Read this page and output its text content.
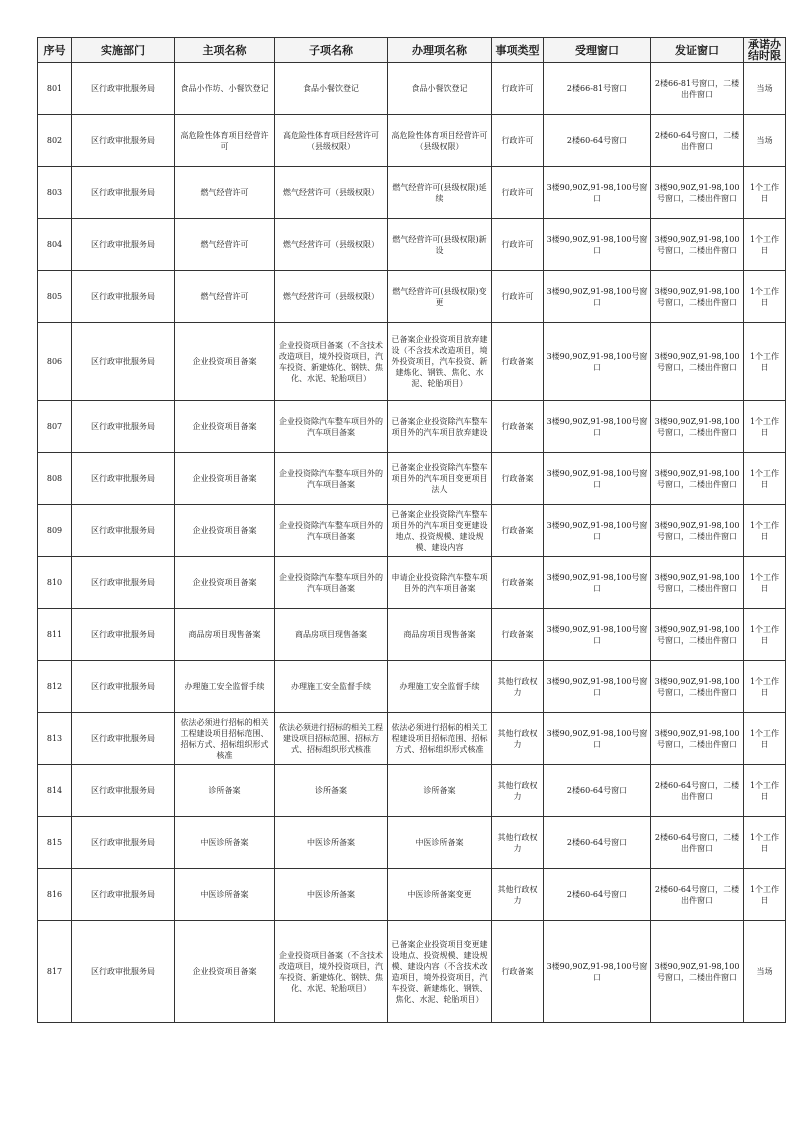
序号	实施部门	主项名称	子项名称	办理项名称	事项类型	受理窗口	发证窗口	承诺办结时限
801	区行政审批服务局	食品小作坊、小餐饮登记	食品小餐饮登记	食品小餐饮登记	行政许可	2楼66-81号窗口	2楼66-81号窗口，二楼出件窗口	当场
802	区行政审批服务局	高危险性体育项目经营许可	高危险性体育项目经营许可（县级权限）	高危险性体育项目经营许可（县级权限）	行政许可	2楼60-64号窗口	2楼60-64号窗口，二楼出件窗口	当场
803	区行政审批服务局	燃气经营许可	燃气经营许可（县级权限）	燃气经营许可(县级权限)延续	行政许可	3楼90,90Z,91-98,100号窗口	3楼90,90Z,91-98,100号窗口，二楼出件窗口	1个工作日
804	区行政审批服务局	燃气经营许可	燃气经营许可（县级权限）	燃气经营许可(县级权限)新设	行政许可	3楼90,90Z,91-98,100号窗口	3楼90,90Z,91-98,100号窗口，二楼出件窗口	1个工作日
805	区行政审批服务局	燃气经营许可	燃气经营许可（县级权限）	燃气经营许可(县级权限)变更	行政许可	3楼90,90Z,91-98,100号窗口	3楼90,90Z,91-98,100号窗口，二楼出件窗口	1个工作日
806	区行政审批服务局	企业投资项目备案	企业投资项目备案（不含技术改造项目，境外投资项目，汽车投资、新建炼化、钢铁、焦化、水泥、轮胎项目）	已备案企业投资项目放弃建设（不含技术改造项目，境外投资项目，汽车投资、新建炼化、钢铁、焦化、水泥、轮胎项目）	行政备案	3楼90,90Z,91-98,100号窗口	3楼90,90Z,91-98,100号窗口，二楼出件窗口	1个工作日
807	区行政审批服务局	企业投资项目备案	企业投资除汽车整车项目外的汽车项目备案	已备案企业投资除汽车整车项目外的汽车项目放弃建设	行政备案	3楼90,90Z,91-98,100号窗口	3楼90,90Z,91-98,100号窗口，二楼出件窗口	1个工作日
808	区行政审批服务局	企业投资项目备案	企业投资除汽车整车项目外的汽车项目备案	已备案企业投资除汽车整车项目外的汽车项目变更项目法人	行政备案	3楼90,90Z,91-98,100号窗口	3楼90,90Z,91-98,100号窗口，二楼出件窗口	1个工作日
809	区行政审批服务局	企业投资项目备案	企业投资除汽车整车项目外的汽车项目备案	已备案企业投资除汽车整车项目外的汽车项目变更建设地点、投资规模、建设规模、建设内容	行政备案	3楼90,90Z,91-98,100号窗口	3楼90,90Z,91-98,100号窗口，二楼出件窗口	1个工作日
810	区行政审批服务局	企业投资项目备案	企业投资除汽车整车项目外的汽车项目备案	申请企业投资除汽车整车项目外的汽车项目备案	行政备案	3楼90,90Z,91-98,100号窗口	3楼90,90Z,91-98,100号窗口，二楼出件窗口	1个工作日
811	区行政审批服务局	商品房项目现售备案	商品房项目现售备案	商品房项目现售备案	行政备案	3楼90,90Z,91-98,100号窗口	3楼90,90Z,91-98,100号窗口，二楼出件窗口	1个工作日
812	区行政审批服务局	办理施工安全监督手续	办理施工安全监督手续	办理施工安全监督手续	其他行政权力	3楼90,90Z,91-98,100号窗口	3楼90,90Z,91-98,100号窗口，二楼出件窗口	1个工作日
813	区行政审批服务局	依法必须进行招标的相关工程建设项目招标范围、招标方式、招标组织形式核准	依法必须进行招标的相关工程建设项目招标范围、招标方式、招标组织形式核准	依法必须进行招标的相关工程建设项目招标范围、招标方式、招标组织形式核准	其他行政权力	3楼90,90Z,91-98,100号窗口	3楼90,90Z,91-98,100号窗口，二楼出件窗口	1个工作日
814	区行政审批服务局	诊所备案	诊所备案	诊所备案	其他行政权力	2楼60-64号窗口	2楼60-64号窗口，二楼出件窗口	1个工作日
815	区行政审批服务局	中医诊所备案	中医诊所备案	中医诊所备案	其他行政权力	2楼60-64号窗口	2楼60-64号窗口，二楼出件窗口	1个工作日
816	区行政审批服务局	中医诊所备案	中医诊所备案	中医诊所备案变更	其他行政权力	2楼60-64号窗口	2楼60-64号窗口，二楼出件窗口	1个工作日
817	区行政审批服务局	企业投资项目备案	企业投资项目备案（不含技术改造项目，境外投资项目，汽车投资、新建炼化、钢铁、焦化、水泥、轮胎项目）	已备案企业投资项目变更建设地点、投资规模、建设规模、建设内容（不含技术改造项目，境外投资项目，汽车投资、新建炼化、钢铁、焦化、水泥、轮胎项目）	行政备案	3楼90,90Z,91-98,100号窗口	3楼90,90Z,91-98,100号窗口，二楼出件窗口	当场
